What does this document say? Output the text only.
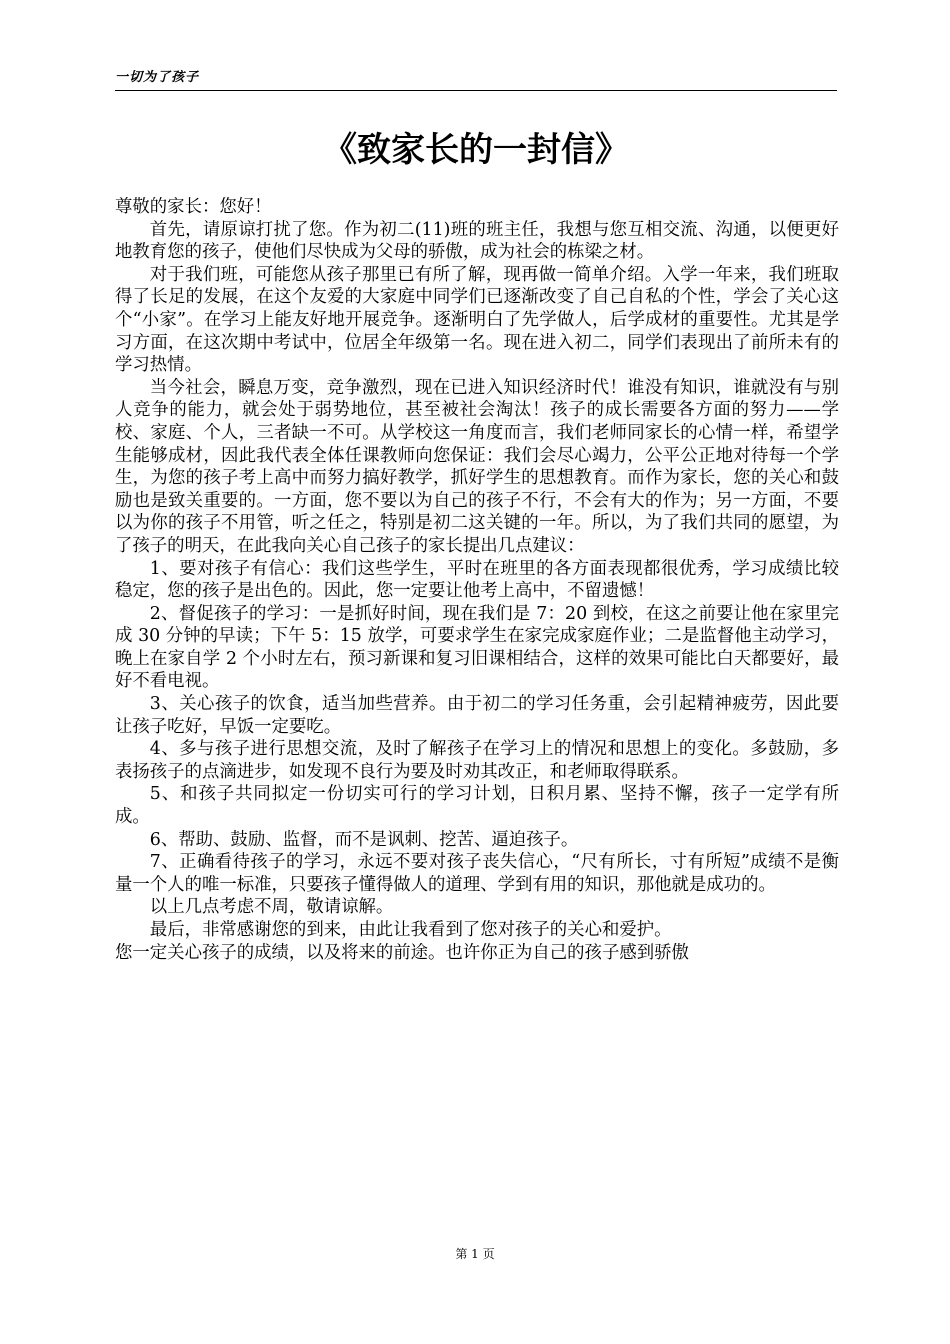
一切为了孩子
《致家长的一封信》

尊敬的家长：您好！

首先，请原谅打扰了您。作为初二(11)班的班主任，我想与您互相交流、沟通，以便更好地教育您的孩子，使他们尽快成为父母的骄傲，成为社会的栋梁之材。

对于我们班，可能您从孩子那里已有所了解，现再做一简单介绍。入学一年来，我们班取得了长足的发展，在这个友爱的大家庭中同学们已逐渐改变了自己自私的个性，学会了关心这个“小家”。在学习上能友好地开展竞争。逐渐明白了先学做人，后学成材的重要性。尤其是学习方面，在这次期中考试中，位居全年级第一名。现在进入初二，同学们表现出了前所未有的学习热情。

当今社会，瞬息万变，竞争激烈，现在已进入知识经济时代！谁没有知识，谁就没有与别人竞争的能力，就会处于弱势地位，甚至被社会淘汰！孩子的成长需要各方面的努力——学校、家庭、个人，三者缺一不可。从学校这一角度而言，我们老师同家长的心情一样，希望学生能够成材，因此我代表全体任课教师向您保证：我们会尽心竭力，公平公正地对待每一个学生，为您的孩子考上高中而努力搞好教学，抓好学生的思想教育。而作为家长，您的关心和鼓励也是致关重要的。一方面，您不要以为自己的孩子不行，不会有大的作为；另一方面，不要以为你的孩子不用管，听之任之，特别是初二这关键的一年。所以，为了我们共同的愿望，为了孩子的明天，在此我向关心自己孩子的家长提出几点建议：

1、要对孩子有信心：我们这些学生，平时在班里的各方面表现都很优秀，学习成绩比较稳定，您的孩子是出色的。因此，您一定要让他考上高中，不留遗憾！

2、督促孩子的学习：一是抓好时间，现在我们是 7：20 到校，在这之前要让他在家里完成 30 分钟的早读；下午 5：15 放学，可要求学生在家完成家庭作业；二是监督他主动学习，晚上在家自学 2 个小时左右，预习新课和复习旧课相结合，这样的效果可能比白天都要好，最好不看电视。

3、关心孩子的饮食，适当加些营养。由于初二的学习任务重，会引起精神疲劳，因此要让孩子吃好，早饭一定要吃。

4、多与孩子进行思想交流，及时了解孩子在学习上的情况和思想上的变化。多鼓励，多表扬孩子的点滴进步，如发现不良行为要及时劝其改正，和老师取得联系。

5、和孩子共同拟定一份切实可行的学习计划，日积月累、坚持不懈，孩子一定学有所成。

6、帮助、鼓励、监督，而不是讽刺、挖苦、逼迫孩子。

7、正确看待孩子的学习，永远不要对孩子丧失信心，“尺有所长，寸有所短”成绩不是衡量一个人的唯一标准，只要孩子懂得做人的道理、学到有用的知识，那他就是成功的。

以上几点考虑不周，敬请谅解。

最后，非常感谢您的到来，由此让我看到了您对孩子的关心和爱护。

您一定关心孩子的成绩，以及将来的前途。也许你正为自己的孩子感到骄傲

第 1 页
